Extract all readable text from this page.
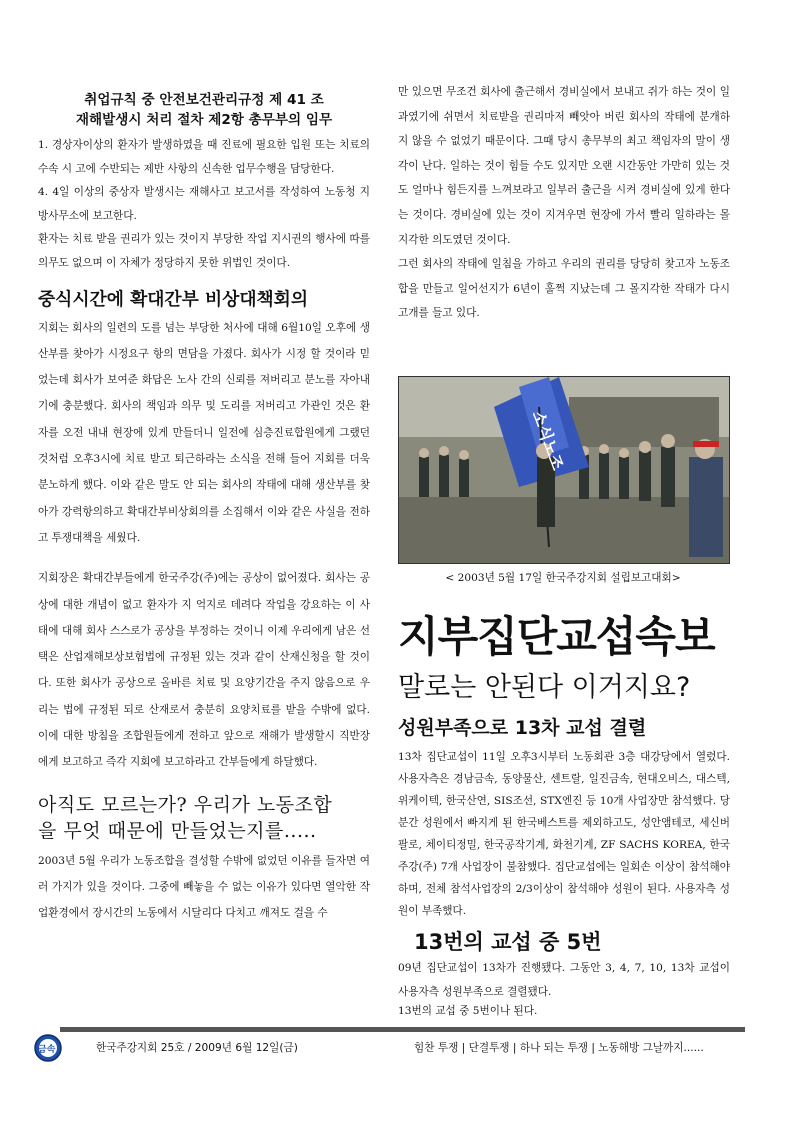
취업규칙 중 안전보건관리규정 제 41 조

재해발생시 처리 절차 제2항 총무부의 임무

1. 경상자이상의 환자가 발생하였을 때 진료에 필요한 입원 또는 치료의 수속 시 고에 수반되는 제반 사항의 신속한 업무수행을 담당한다.
4. 4일 이상의 중상자 발생시는 재해사고 보고서를 작성하여 노동청 지방사무소에 보고한다.
환자는 치료 받을 권리가 있는 것이지 부당한 작업 지시권의 행사에 따를 의무도 없으며 이 자체가 정당하지 못한 위법인 것이다.

중식시간에 확대간부 비상대책회의

지회는 회사의 일련의 도를 넘는 부당한 처사에 대해 6월10일 오후에 생산부를 찾아가 시정요구 항의 면담을 가졌다. 회사가 시정 할 것이라 믿었는데 회사가 보여준 화답은 노사 간의 신뢰를 져버리고 분노를 자아내기에 충분했다. 회사의 책임과 의무 및 도리를 저버리고 가관인 것은 환자를 오전 내내 현장에 있게 만들더니 일전에 심층진료합원에게 그랬던 것처럼 오후3시에 치료 받고 퇴근하라는 소식을 전해 들어 지회를 더욱 분노하게 했다. 이와 같은 말도 안 되는 회사의 작태에 대해 생산부를 찾아가 강력항의하고 확대간부비상회의를 소집해서 이와 같은 사실을 전하고 투쟁대책을 세웠다.

지회장은 확대간부들에게 한국주강(주)에는 공상이 없어졌다. 회사는 공상에 대한 개념이 없고 환자가 지 억지로 데려다 작업을 강요하는 이 사태에 대해 회사 스스로가 공상을 부정하는 것이니 이제 우리에게 남은 선택은 산업재해보상보험법에 규정된 있는 것과 같이 산재신청을 할 것이다. 또한 회사가 공상으로 올바른 치료 및 요양기간을 주지 않음으로 우리는 법에 규정된 되로 산재로서 충분히 요양치료를 받을 수밖에 없다. 이에 대한 방침을 조합원들에게 전하고 앞으로 재해가 발생할시 직반장에게 보고하고 즉각 지회에 보고하라고 간부들에게 하달했다.

아직도 모르는가? 우리가 노동조합

을 무엇 때문에 만들었는지를.....

2003년 5월 우리가 노동조합을 결성할 수밖에 없었던 이유를 들자면 여러 가지가 있을 것이다. 그중에 빼놓을 수 없는 이유가 있다면 열악한 작업환경에서 장시간의 노동에서 시달리다 다치고 깨져도 걸을 수

만 있으면 무조건 회사에 출근해서 경비실에서 보내고 쥐가 하는 것이 일과였기에 쉬면서 치료받을 권리마저 빼앗아 버린 회사의 작태에 분개하지 않을 수 없었기 때문이다. 그때 당시 총무부의 최고 책임자의 말이 생각이 난다. 일하는 것이 힘들 수도 있지만 오랜 시간동안 가만히 있는 것도 얼마나 힘든지를 느껴보라고 일부러 출근을 시켜 경비실에 있게 한다는 것이다. 경비실에 있는 것이 지겨우면 현장에 가서 빨리 일하라는 몰지각한 의도였던 것이다.
그런 회사의 작태에 일침을 가하고 우리의 권리를 당당히 찾고자 노동조합을 만들고 일어선지가 6년이 훌쩍 지났는데 그 몰지각한 작태가 다시 고개를 들고 있다.

소식노조
< 2003년 5월 17일 한국주강지회 설립보고대회>

지부집단교섭속보

말로는 안된다 이거지요?

성원부족으로 13차 교섭 결렬

13차 집단교섭이 11일 오후3시부터 노동회관 3층 대강당에서 열렸다. 사용자측은 경남금속, 동양물산, 센트랄, 일진금속, 현대오비스, 대스텍, 위케이텍, 한국산연, SIS조선, STX엔진 등 10개 사업장만 참석했다. 당분간 성원에서 빠지게 된 한국베스트를 제외하고도, 성안앰테코, 세신버팔로, 체이티정밀, 한국공작기계, 화천기계, ZF SACHS KOREA, 한국주강(주) 7개 사업장이 불참했다. 집단교섭에는 일회손 이상이 참석해야 하며, 전체 참석사업장의 2/3이상이 참석해야 성원이 된다. 사용자측 성원이 부족했다.

13번의 교섭 중 5번

09년 집단교섭이 13차가 진행됐다. 그동안 3, 4, 7, 10, 13차 교섭이 사용자측 성원부족으로 결렬됐다.

13번의 교섭 중 5번이나 된다.

금속	한국주강지회 25호 / 2009년 6월 12일(금)	힘찬 투쟁 | 단결투쟁 | 하나 되는 투쟁 | 노동해방 그날까지......
